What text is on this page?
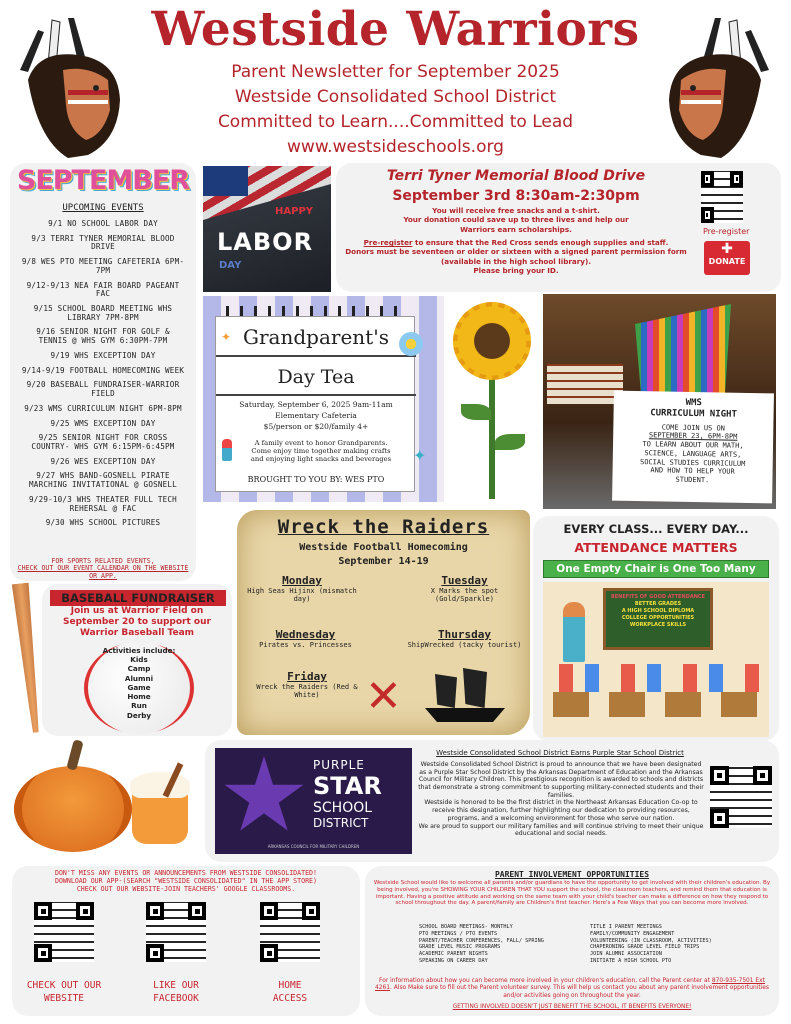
Westside Warriors
Parent Newsletter for September 2025
Westside Consolidated School District
Committed to Learn....Committed to Lead
www.westsideschools.org
SEPTEMBER
UPCOMING EVENTS
9/1 NO SCHOOL LABOR DAY
9/3 TERRI TYNER MEMORIAL BLOOD DRIVE
9/8 WES PTO MEETING CAFETERIA 6PM-7PM
9/12-9/13 NEA FAIR BOARD PAGEANT FAC
9/15 SCHOOL BOARD MEETING WHS LIBRARY 7PM-8PM
9/16 SENIOR NIGHT FOR GOLF & TENNIS @ WHS GYM 6:30PM-7PM
9/19 WHS EXCEPTION DAY
9/14-9/19 FOOTBALL HOMECOMING WEEK
9/20 BASEBALL FUNDRAISER-WARRIOR FIELD
9/23 WMS CURRICULUM NIGHT 6PM-8PM
9/25 WMS EXCEPTION DAY
9/25 SENIOR NIGHT FOR CROSS COUNTRY- WHS GYM 6:15PM-6:45PM
9/26 WES EXCEPTION DAY
9/27 WHS BAND-GOSNELL PIRATE MARCHING INVITATIONAL @ GOSNELL
9/29-10/3 WHS THEATER FULL TECH REHERSAL @ FAC
9/30 WHS SCHOOL PICTURES
FOR SPORTS RELATED EVENTS,
CHECK OUT OUR EVENT CALENDAR ON THE WEBSITE OR APP.
HAPPY
LABOR
DAY
Terri Tyner Memorial Blood Drive
September 3rd 8:30am-2:30pm
You will receive free snacks and a t-shirt.
Your donation could save up to three lives and help our
Warriors earn scholarships.
Pre-register to ensure that the Red Cross sends enough supplies and staff.
Donors must be seventeen or older or sixteen with a signed parent permission form
(available in the high school library).
Please bring your ID.
Pre-register
✚
DONATE
Grandparent's
Day Tea
Saturday, September 6, 2025 9am-11am
Elementary Cafeteria
$5/person or $20/family 4+
A family event to honor Grandparents.
Come enjoy time together making crafts
and enjoying light snacks and beverages
BROUGHT TO YOU BY: WES PTO
✦
✦
WMS
CURRICULUM NIGHT
COME JOIN US ON
SEPTEMBER 23, 6PM-8PM
TO LEARN ABOUT OUR MATH,
SCIENCE, LANGUAGE ARTS,
SOCIAL STUDIES CURRICULUM
AND HOW TO HELP YOUR
STUDENT.
Wreck the Raiders
Westside Football Homecoming
September 14-19
Monday
High Seas Hijinx (mismatch day)
Tuesday
X Marks the spot (Gold/Sparkle)
Wednesday
Pirates vs. Princesses
Thursday
ShipWrecked (tacky tourist)
Friday
Wreck the Raiders (Red & White)	✕
EVERY CLASS... EVERY DAY...
ATTENDANCE MATTERS
One Empty Chair is One Too Many
BENEFITS OF GOOD ATTENDANCE
BETTER GRADES
A HIGH SCHOOL DIPLOMA
COLLEGE OPPORTUNITIES
WORKPLACE SKILLS
BASEBALL FUNDRAISER
Join us at Warrior Field on
September 20 to support our
Warrior Baseball Team
Activities include:
Kids
Camp
Alumni
Game
Home
Run
Derby
PURPLE
STAR
SCHOOL
DISTRICT
ARKANSAS COUNCIL FOR MILITARY CHILDREN
Westside Consolidated School District Earns Purple Star School District
Westside Consolidated School District is proud to announce that we have been designated as a Purple Star School District by the Arkansas Department of Education and the Arkansas Council for Military Children. This prestigious recognition is awarded to schools and districts that demonstrate a strong commitment to supporting military-connected students and their families.
Westside is honored to be the first district in the Northeast Arkansas Education Co-op to receive this designation, further highlighting our dedication to providing resources, programs, and a welcoming environment for those who serve our nation.
We are proud to support our military families and will continue striving to meet their unique educational and social needs.
DON'T MISS ANY EVENTS OR ANNOUNCEMENTS FROM WESTSIDE CONSOLIDATED!
DOWNLOAD OUR APP-(SEARCH "WESTSIDE CONSOLIDATED" IN THE APP STORE)
CHECK OUT OUR WEBSITE-JOIN TEACHERS' GOOGLE CLASSROOMS.
CHECK OUT OUR
WEBSITE
LIKE OUR
FACEBOOK
HOME
ACCESS
PARENT INVOLVEMENT OPPORTUNITIES
Westside School would like to welcome all parents and/or guardians to have the opportunity to get involved with their children's education. By being involved, you're SHOWING YOUR CHILDREN THAT YOU support the school, the classroom teachers, and remind them that education is important. Having a positive attitude and working on the same team with your child's teacher can make a difference on how they respond to school throughout the day. A parent/family are Children's first teacher. Here's a Few Ways that you can become more involved.
SCHOOL BOARD MEETINGS- MONTHLY
PTO MEETINGS / PTO EVENTS
PARENT/TEACHER CONFERENCES, FALL/ SPRING
GRADE LEVEL MUSIC PROGRAMS
ACADEMIC PARENT NIGHTS
SPEAKING ON CAREER DAY
TITLE I PARENT MEETINGS
FAMILY/COMMUNITY ENGAGEMENT
VOLUNTEERING (IN CLASSROOM, ACTIVITIES)
CHAPERONING GRADE LEVEL FIELD TRIPS
JOIN ALUMNI ASSOCIATION
INITIATE A HIGH SCHOOL PTO
For information about how you can become more involved in your children's education, call the Parent center at 870-935-7501 Ext 4261. Also Make sure to fill out the Parent volunteer survey. This will help us contact you about any parent involvement opportunities and/or activities going on throughout the year.
GETTING INVOLVED DOESN'T JUST BENEFIT THE SCHOOL, IT BENEFITS EVERYONE!
